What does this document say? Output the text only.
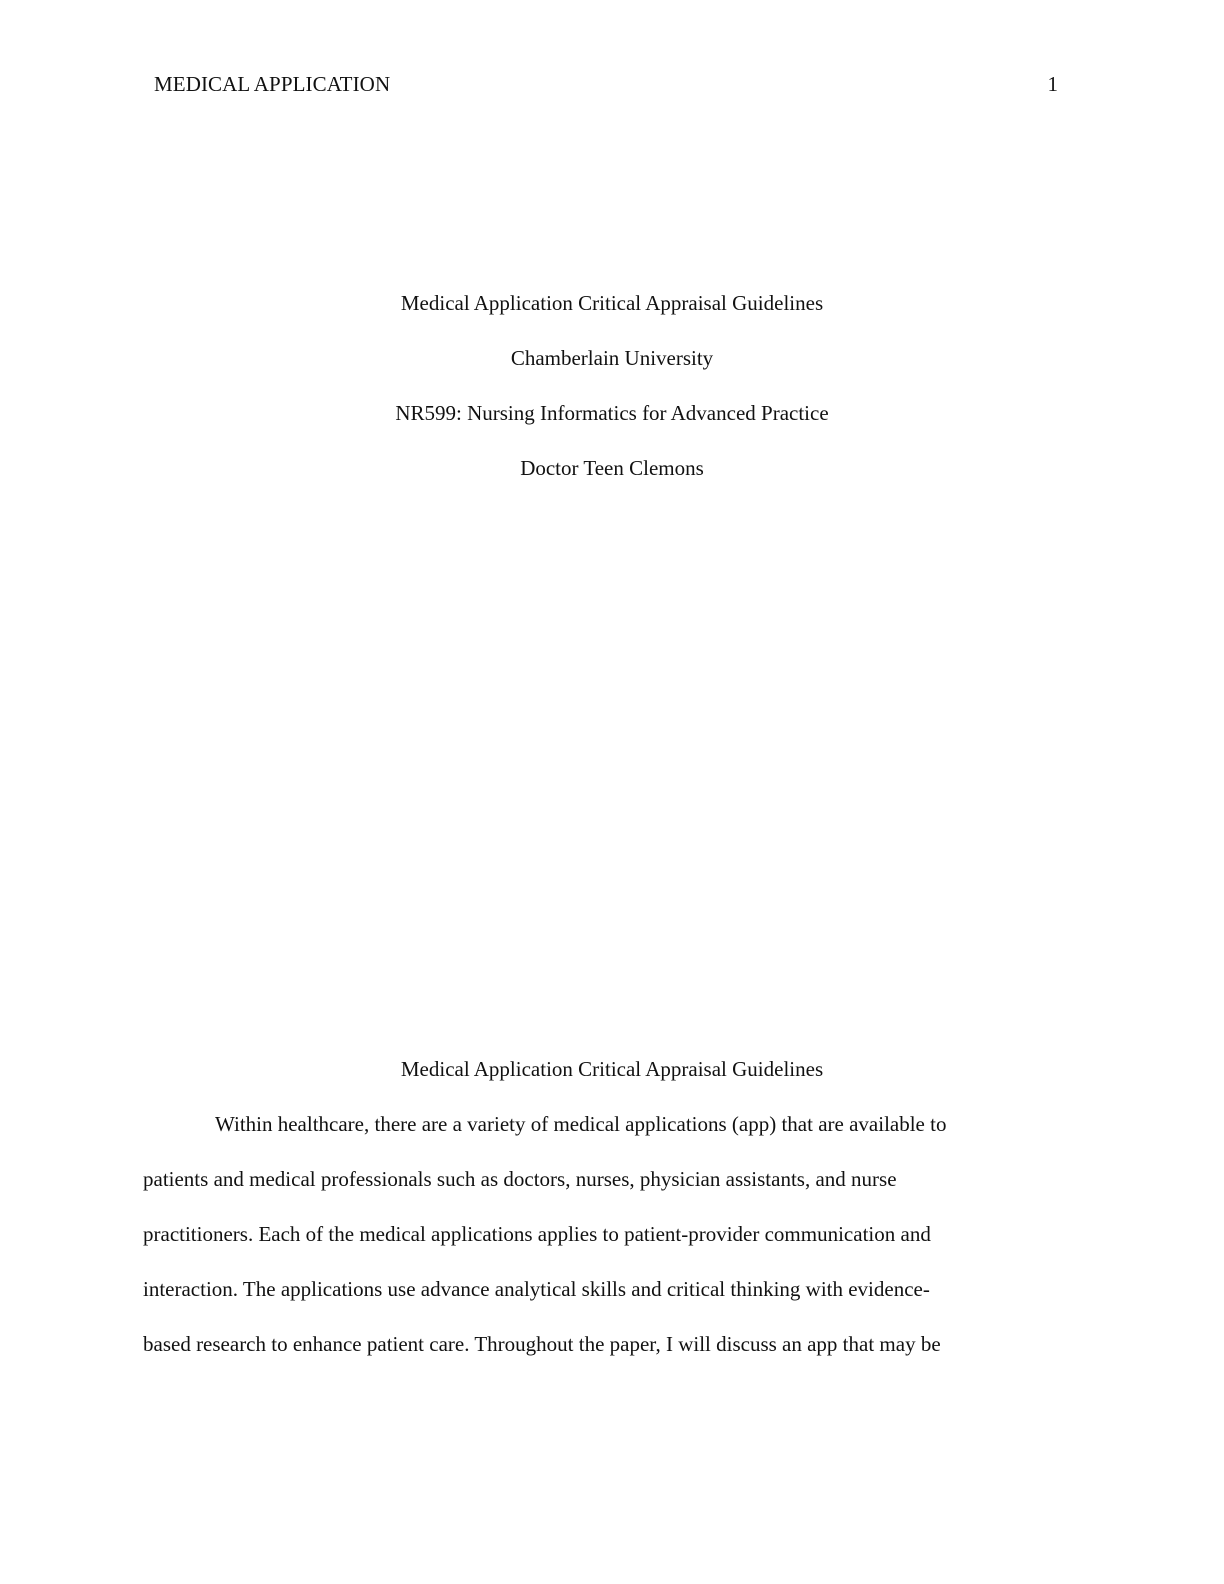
MEDICAL APPLICATION	1
Medical Application Critical Appraisal Guidelines
Chamberlain University
NR599: Nursing Informatics for Advanced Practice
Doctor Teen Clemons
Medical Application Critical Appraisal Guidelines
Within healthcare, there are a variety of medical applications (app) that are available to
patients and medical professionals such as doctors, nurses, physician assistants, and nurse
practitioners. Each of the medical applications applies to patient-provider communication and
interaction. The applications use advance analytical skills and critical thinking with evidence-
based research to enhance patient care. Throughout the paper, I will discuss an app that may be
